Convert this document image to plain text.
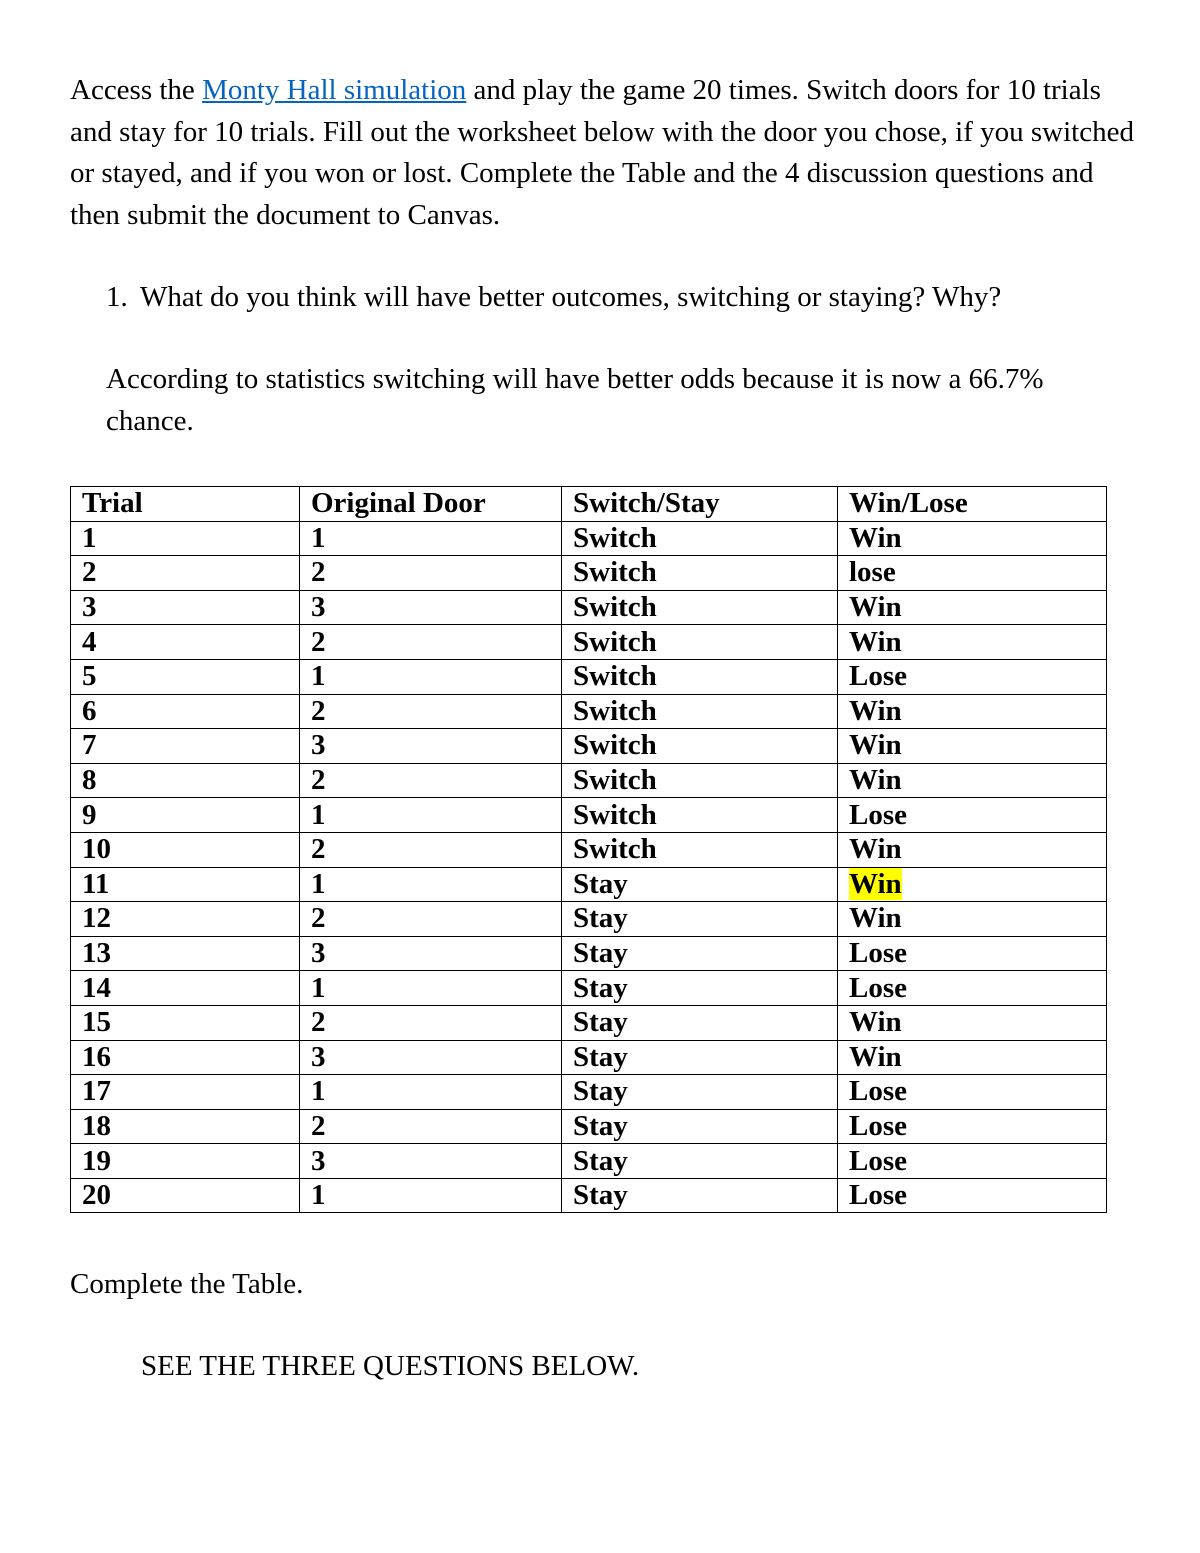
Access the Monty Hall simulation and play the game 20 times. Switch doors for 10 trials and stay for 10 trials. Fill out the worksheet below with the door you chose, if you switched or stayed, and if you won or lost. Complete the Table and the 4 discussion questions and then submit the document to Canvas.

1. What do you think will have better outcomes, switching or staying? Why?

According to statistics switching will have better odds because it is now a 66.7% chance.

Trial	Original Door	Switch/Stay	Win/Lose
1	1	Switch	Win
2	2	Switch	lose
3	3	Switch	Win
4	2	Switch	Win
5	1	Switch	Lose
6	2	Switch	Win
7	3	Switch	Win
8	2	Switch	Win
9	1	Switch	Lose
10	2	Switch	Win
11	1	Stay	Win
12	2	Stay	Win
13	3	Stay	Lose
14	1	Stay	Lose
15	2	Stay	Win
16	3	Stay	Win
17	1	Stay	Lose
18	2	Stay	Lose
19	3	Stay	Lose
20	1	Stay	Lose

Complete the Table.

SEE THE THREE QUESTIONS BELOW.
